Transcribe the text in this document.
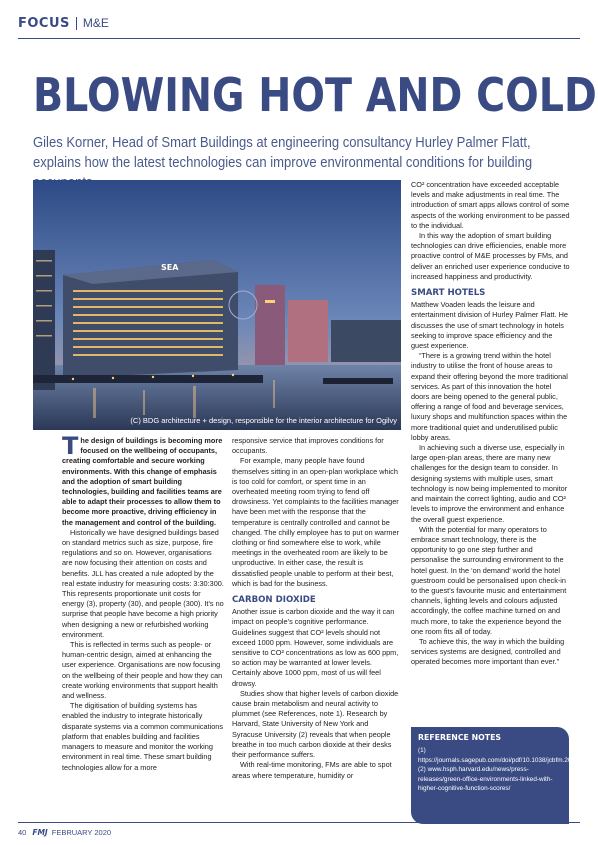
FOCUS M&E
BLOWING HOT AND COLD

Giles Korner, Head of Smart Buildings at engineering consultancy Hurley Palmer Flatt, explains how the latest technologies can improve environmental conditions for building

SEA
(C) BDG architecture + design, responsible for the interior architecture for Ogilvy

T he design of buildings is becoming more focused on the wellbeing of occupants, creating comfortable and secure working environments. With this change of emphasis and the adoption of smart building technologies, building and facilities teams are able to adapt their processes to allow them to become more proactive, driving efficiency in the management and control of the building.

Historically we have designed buildings based on standard metrics such as size, purpose, fire regulations and so on. However, organisations are now focusing their attention on costs and benefits. JLL has created a rule adopted by the real estate industry for measuring costs: 3:30:300. This represents proportionate unit costs for energy (3), property (30), and people (300). It’s no surprise that people have become a high priority when designing a new or refurbished working environment.

This is reflected in terms such as people- or human-centric design, aimed at enhancing the user experience. Organisations are now focusing on the wellbeing of their people and how they can create working environments that support health and wellness.

The digitisation of building systems has enabled the industry to integrate historically disparate systems via a common communications platform that enables building and facilities managers to measure and monitor the working environment in real time. These smart building technologies allow for a more

responsive service that improves conditions for occupants.

For example, many people have found themselves sitting in an open-plan workplace which is too cold for comfort, or spent time in an overheated meeting room trying to fend off drowsiness. Yet complaints to the facilities manager have been met with the response that the temperature is centrally controlled and cannot be changed. The chilly employee has to put on warmer clothing or find somewhere else to work, while meetings in the overheated room are likely to be unproductive. In either case, the result is dissatisfied people unable to perform at their best, which is bad for the business.

CARBON DIOXIDE

Another issue is carbon dioxide and the way it can impact on people’s cognitive performance. Guidelines suggest that CO² levels should not exceed 1000 ppm. However, some individuals are sensitive to CO² concentrations as low as 600 ppm, so action may be warranted at lower levels. Certainly above 1000 ppm, most of us will feel drowsy.

Studies show that higher levels of carbon dioxide cause brain metabolism and neural activity to plummet (see References, note 1). Research by Harvard, State University of New York and Syracuse University (2) reveals that when people breathe in too much carbon dioxide at their desks their performance suffers.

With real-time monitoring, FMs are able to spot areas where temperature, humidity or

CO² concentration have exceeded acceptable levels and make adjustments in real time. The introduction of smart apps allows control of some aspects of the working environment to be passed to the individual.

In this way the adoption of smart building technologies can drive efficiencies, enable more proactive control of M&E processes by FMs, and deliver an enriched user experience conducive to increased happiness and productivity.

SMART HOTELS

Matthew Voaden leads the leisure and entertainment division of Hurley Palmer Flatt. He discusses the use of smart technology in hotels seeking to improve space efficiency and the guest experience.

“There is a growing trend within the hotel industry to utilise the front of house areas to expand their offering beyond the more traditional services. As part of this innovation the hotel doors are being opened to the general public, offering a range of food and beverage services, luxury shops and multifunction spaces within the more traditional quiet and underutilised public lobby areas.

In achieving such a diverse use, especially in large open-plan areas, there are many new challenges for the design team to consider. In designing systems with multiple uses, smart technology is now being implemented to monitor and maintain the correct lighting, audio and CO² levels to improve the environment and enhance the overall guest experience.

With the potential for many operators to embrace smart technology, there is the opportunity to go one step further and personalise the surrounding environment to the hotel guest. In the ‘on demand’ world the hotel guestroom could be personalised upon check-in to the guest’s favourite music and entertainment channels, lighting levels and colours adjusted accordingly, the coffee machine turned on and much more, to take the experience beyond the one room fits all of today.

To achieve this, the way in which the building services systems are designed, controlled and operated becomes more important than ever.”

REFERENCE NOTES
(1) https://journals.sagepub.com/doi/pdf/10.1038/jcbfm.2010.153
(2) www.hsph.harvard.edu/news/press-releases/green-office-environments-linked-with-higher-cognitive-function-scores/
40 FMJ FEBRUARY 2020
